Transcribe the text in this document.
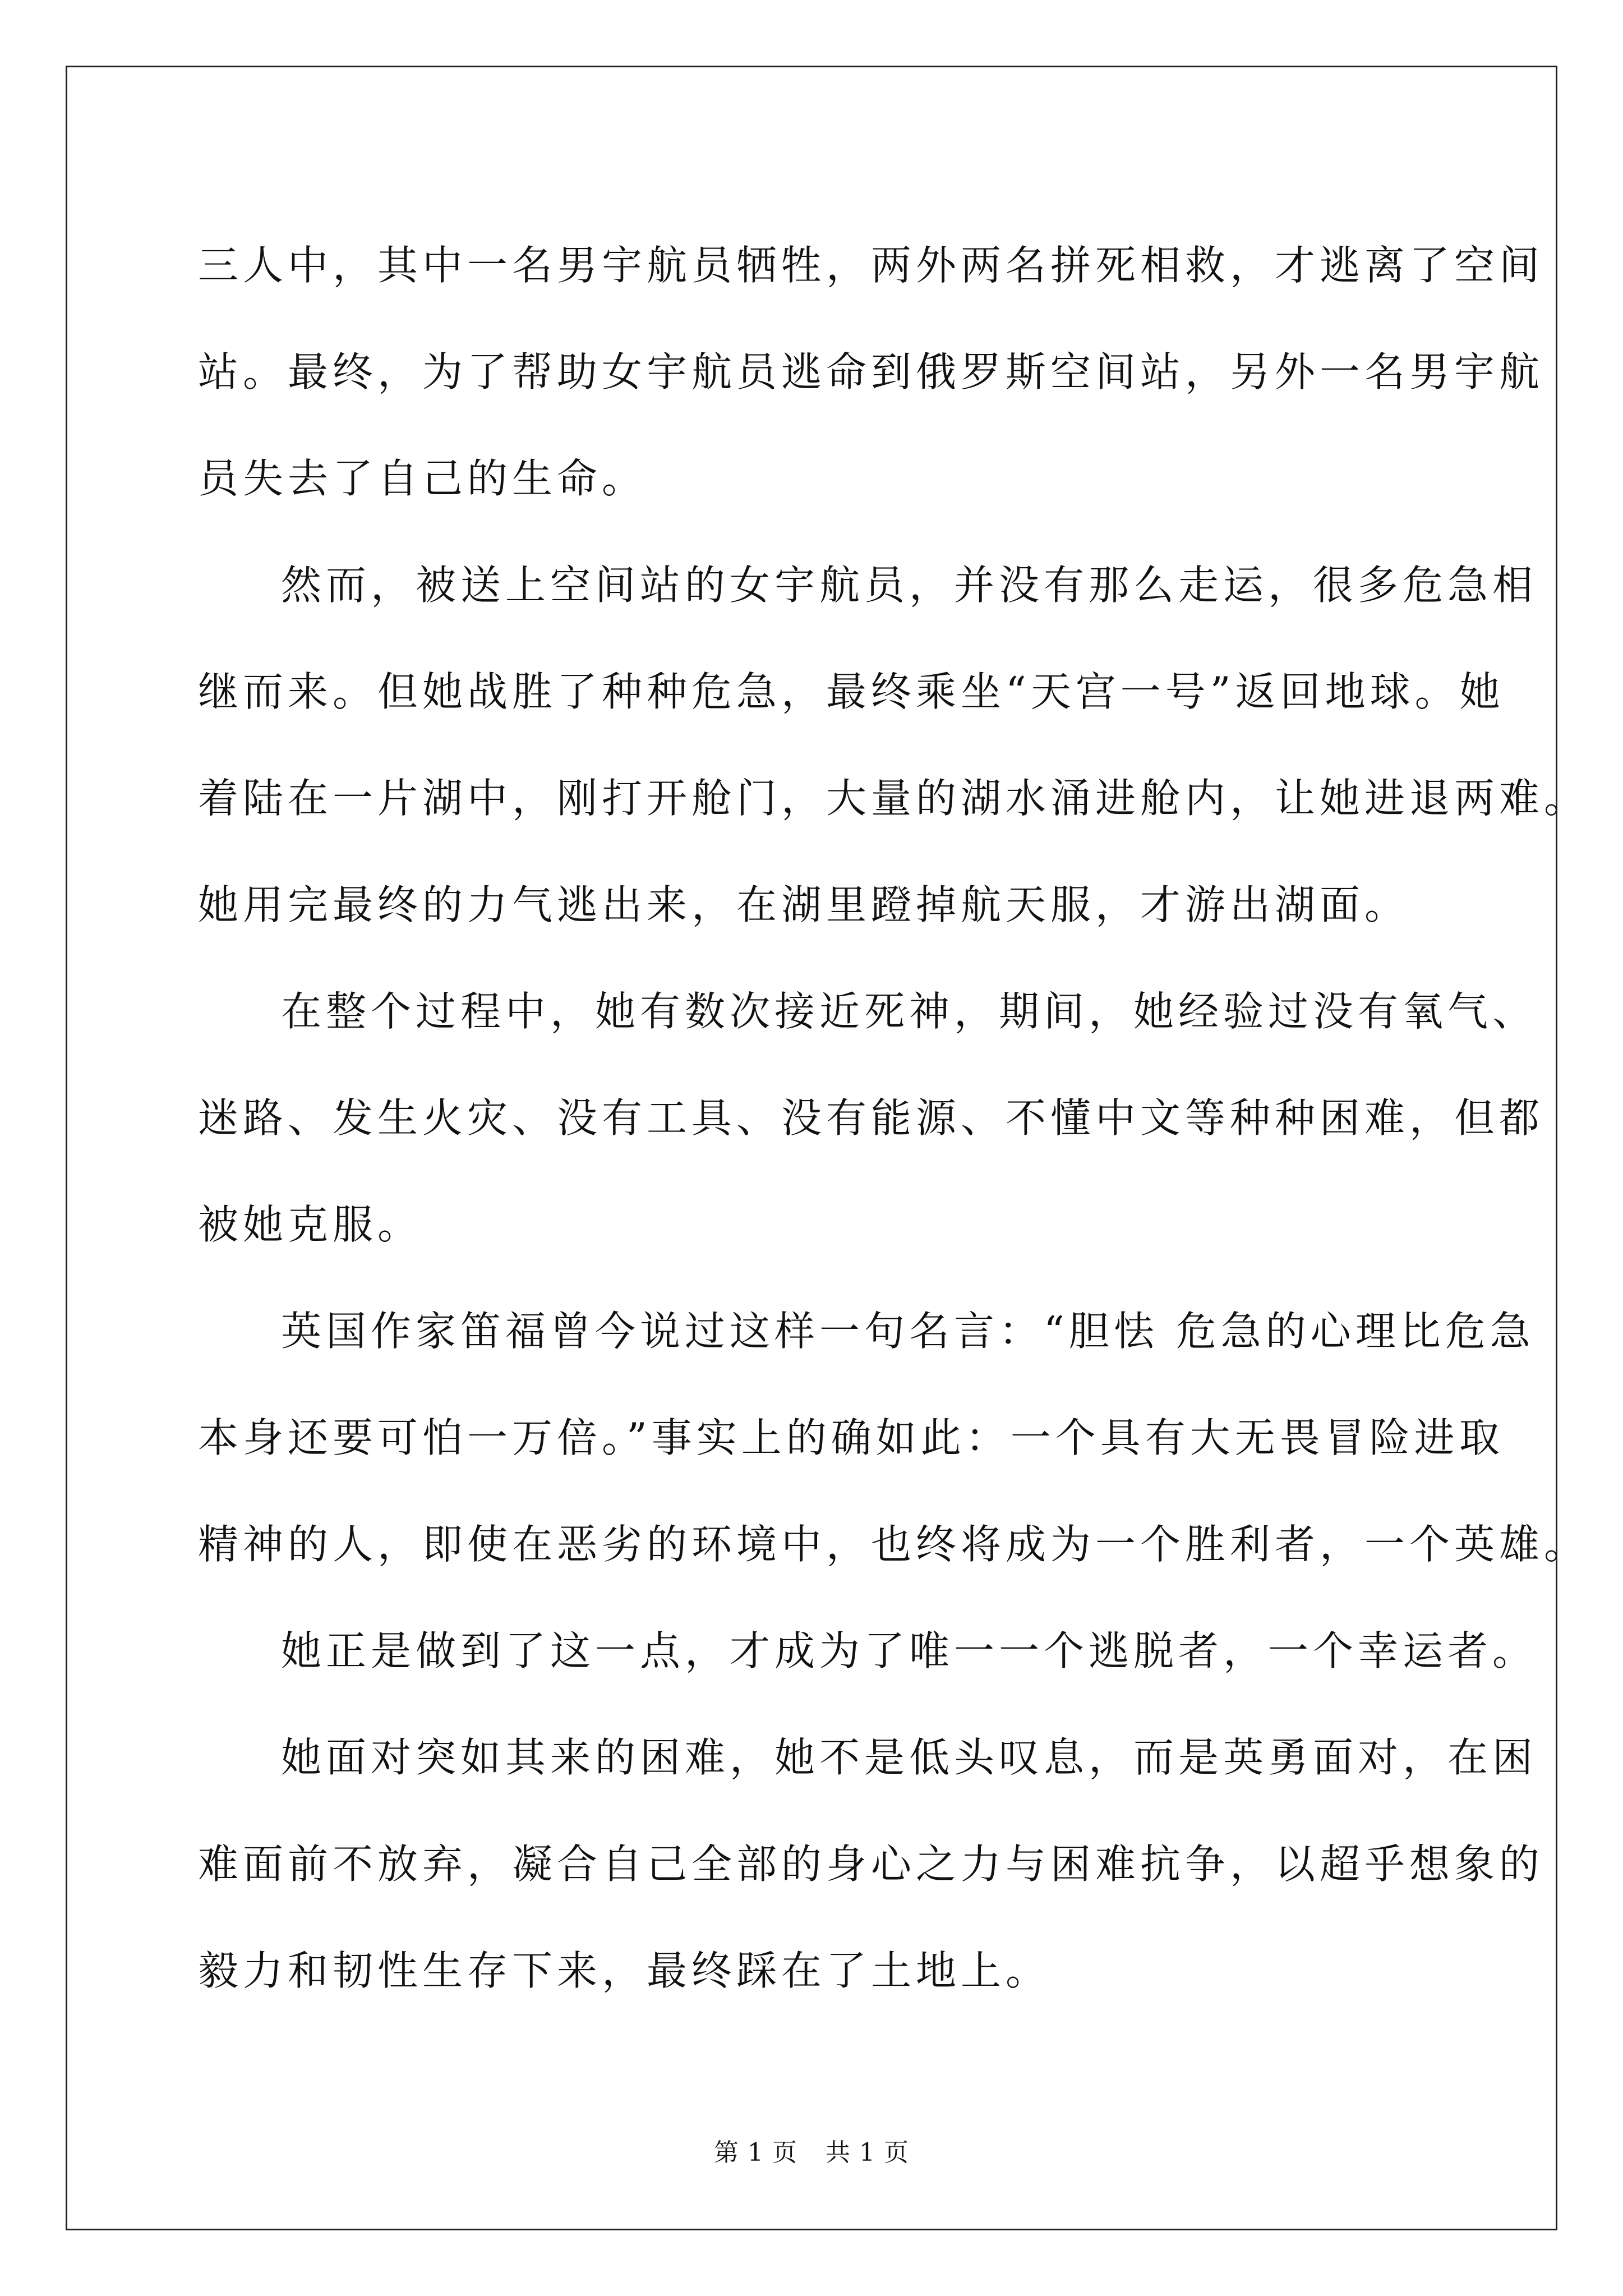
三人中，其中一名男宇航员牺牲，两外两名拼死相救，才逃离了空间

站。最终，为了帮助女宇航员逃命到俄罗斯空间站，另外一名男宇航

员失去了自己的生命。

然而，被送上空间站的女宇航员，并没有那么走运，很多危急相

继而来。但她战胜了种种危急，最终乘坐“天宫一号”返回地球。她

着陆在一片湖中，刚打开舱门，大量的湖水涌进舱内，让她进退两难。

她用完最终的力气逃出来，在湖里蹬掉航天服，才游出湖面。

在整个过程中，她有数次接近死神，期间，她经验过没有氧气、

迷路、发生火灾、没有工具、没有能源、不懂中文等种种困难，但都

被她克服。

英国作家笛福曾今说过这样一句名言：“胆怯 危急的心理比危急

本身还要可怕一万倍。”事实上的确如此：一个具有大无畏冒险进取

精神的人，即使在恶劣的环境中，也终将成为一个胜利者，一个英雄。

她正是做到了这一点，才成为了唯一一个逃脱者，一个幸运者。

她面对突如其来的困难，她不是低头叹息，而是英勇面对，在困

难面前不放弃，凝合自己全部的身心之力与困难抗争，以超乎想象的

毅力和韧性生存下来，最终踩在了土地上。

第 1 页 共 1 页
